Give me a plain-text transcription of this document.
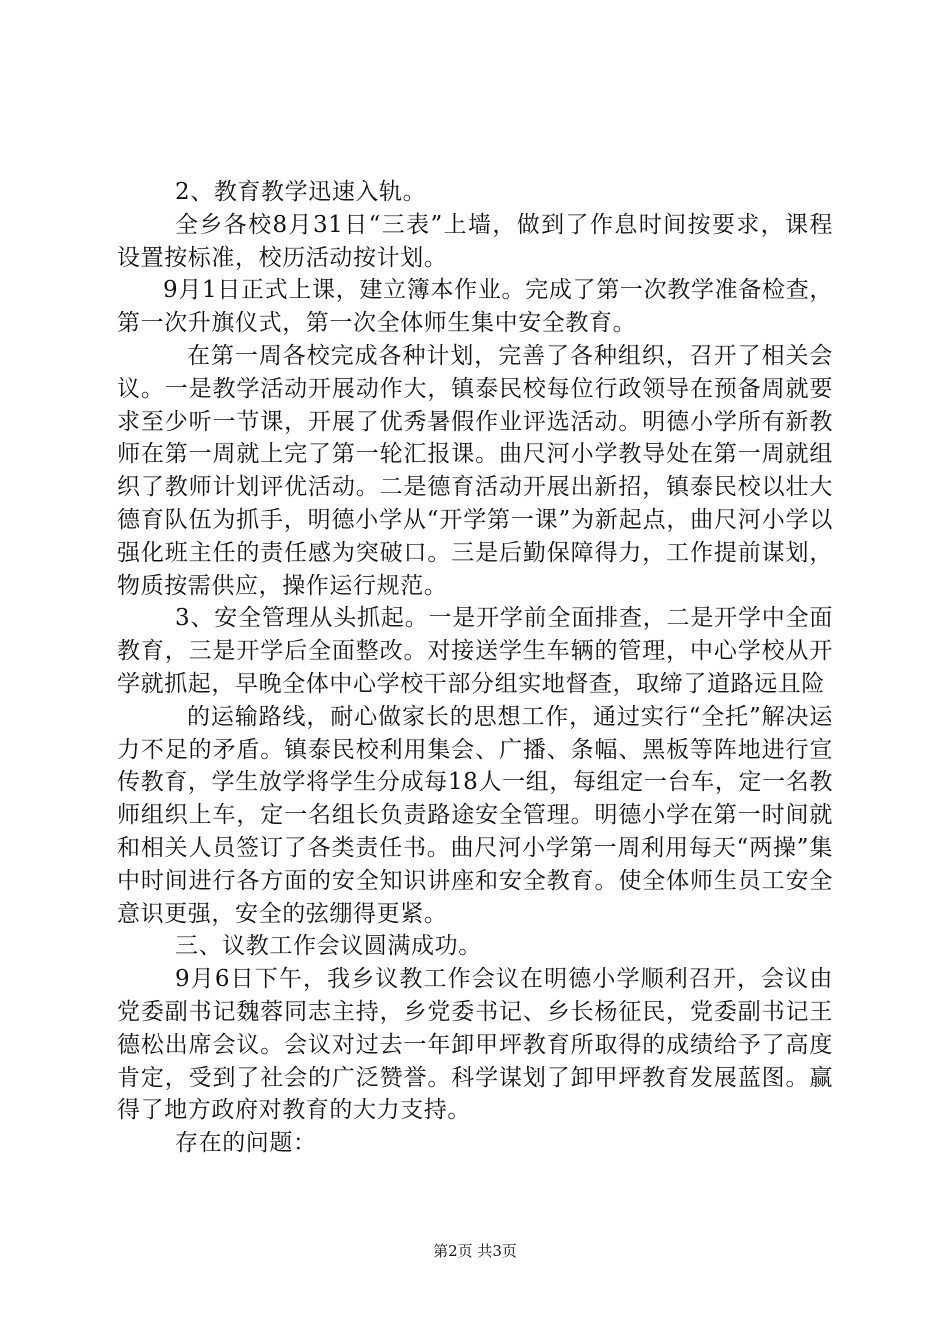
2、教育教学迅速入轨。

全乡各校8月31日“三表”上墙，做到了作息时间按要求，课程设置按标准，校历活动按计划。

9月1日正式上课，建立簿本作业。完成了第一次教学准备检查，第一次升旗仪式，第一次全体师生集中安全教育。

在第一周各校完成各种计划，完善了各种组织，召开了相关会议。一是教学活动开展动作大，镇泰民校每位行政领导在预备周就要求至少听一节课，开展了优秀暑假作业评选活动。明德小学所有新教师在第一周就上完了第一轮汇报课。曲尺河小学教导处在第一周就组织了教师计划评优活动。二是德育活动开展出新招，镇泰民校以壮大德育队伍为抓手，明德小学从“开学第一课”为新起点，曲尺河小学以强化班主任的责任感为突破口。三是后勤保障得力，工作提前谋划，物质按需供应，操作运行规范。

3、安全管理从头抓起。一是开学前全面排查，二是开学中全面教育，三是开学后全面整改。对接送学生车辆的管理，中心学校从开学就抓起，早晚全体中心学校干部分组实地督查，取缔了道路远且险

的运输路线，耐心做家长的思想工作，通过实行“全托”解决运力不足的矛盾。镇泰民校利用集会、广播、条幅、黑板等阵地进行宣传教育，学生放学将学生分成每18人一组，每组定一台车，定一名教师组织上车，定一名组长负责路途安全管理。明德小学在第一时间就和相关人员签订了各类责任书。曲尺河小学第一周利用每天“两操”集中时间进行各方面的安全知识讲座和安全教育。使全体师生员工安全意识更强，安全的弦绷得更紧。

三、议教工作会议圆满成功。

9月6日下午，我乡议教工作会议在明德小学顺利召开，会议由党委副书记魏蓉同志主持，乡党委书记、乡长杨征民，党委副书记王德松出席会议。会议对过去一年卸甲坪教育所取得的成绩给予了高度肯定，受到了社会的广泛赞誉。科学谋划了卸甲坪教育发展蓝图。赢得了地方政府对教育的大力支持。

存在的问题：

第2页 共3页
